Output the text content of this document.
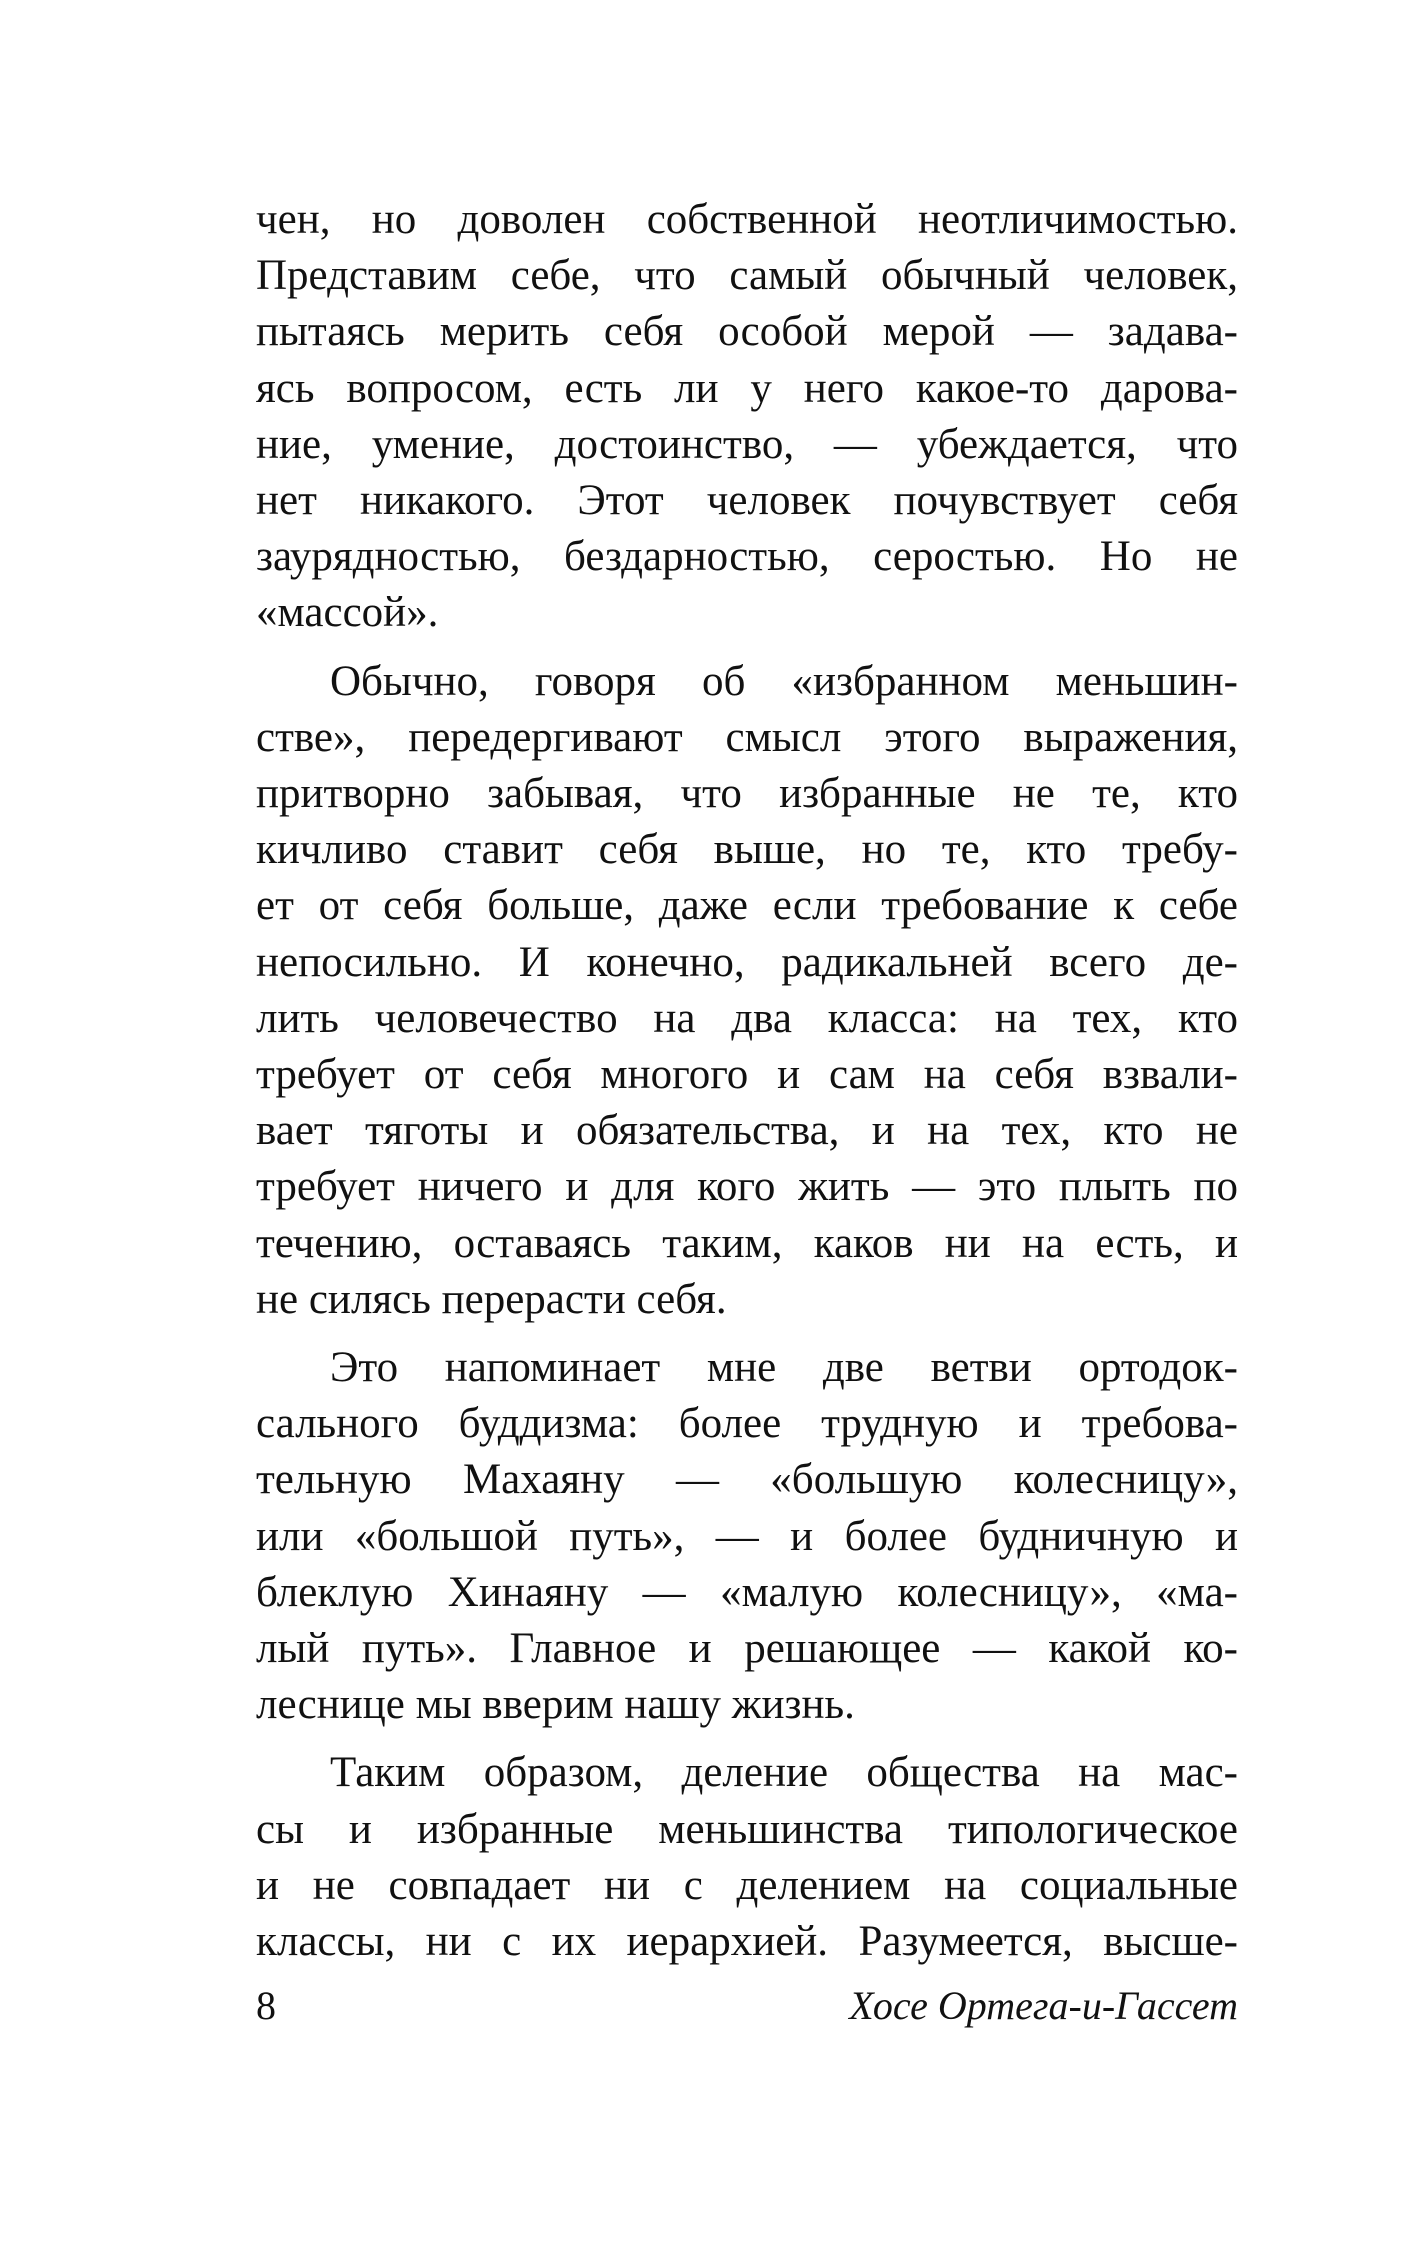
чен, но доволен собственной неотличимостью.
Представим себе, что самый обычный человек,
пытаясь мерить себя особой мерой — задава-
ясь вопросом, есть ли у него какое-то дарова-
ние, умение, достоинство, — убеждается, что
нет никакого. Этот человек почувствует себя
заурядностью, бездарностью, серостью. Но не
«массой».

Обычно, говоря об «избранном меньшин-
стве», передергивают смысл этого выражения,
притворно забывая, что избранные не те, кто
кичливо ставит себя выше, но те, кто требу-
ет от себя больше, даже если требование к себе
непосильно. И конечно, радикальней всего де-
лить человечество на два класса: на тех, кто
требует от себя многого и сам на себя взвали-
вает тяготы и обязательства, и на тех, кто не
требует ничего и для кого жить — это плыть по
течению, оставаясь таким, каков ни на есть, и
не силясь перерасти себя.

Это напоминает мне две ветви ортодок-
сального буддизма: более трудную и требова-
тельную Махаяну — «большую колесницу»,
или «большой путь», — и более будничную и
блеклую Хинаяну — «малую колесницу», «ма-
лый путь». Главное и решающее — какой ко-
леснице мы вверим нашу жизнь.

Таким образом, деление общества на мас-
сы и избранные меньшинства типологическое
и не совпадает ни с делением на социальные
классы, ни с их иерархией. Разумеется, высше-

8	Хосе Ортега-и-Гассет
